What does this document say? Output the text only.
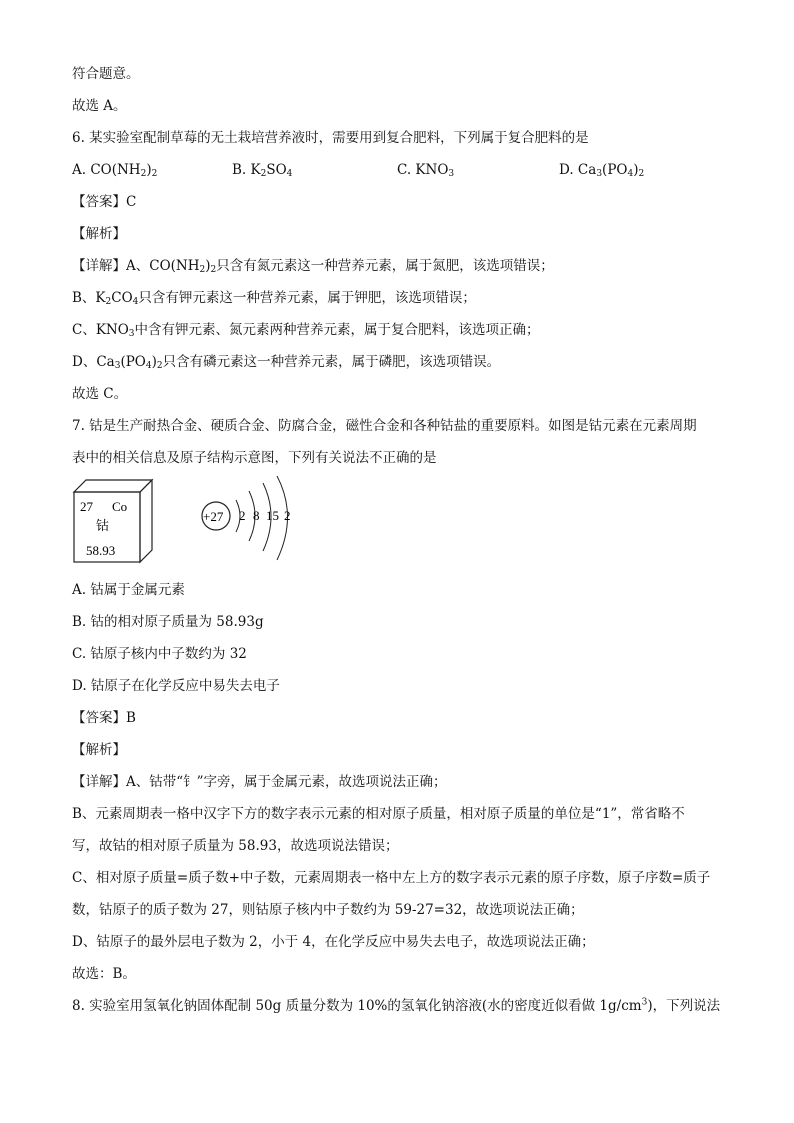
符合题意。
故选 A。
6. 某实验室配制草莓的无土栽培营养液时，需要用到复合肥料，下列属于复合肥料的是
A. $CO(NH_2)_2$	B. $K_2SO_4$	C. $KNO_3$	D. $Ca_3(PO_4)_2$
【答案】C
【解析】
【详解】A、$CO(NH_2)_2$只含有氮元素这一种营养元素，属于氮肥，该选项错误；
B、$K_2CO_4$只含有钾元素这一种营养元素，属于钾肥，该选项错误；
C、$KNO_3$中含有钾元素、氮元素两种营养元素，属于复合肥料，该选项正确；
D、$Ca_3(PO_4)_2$只含有磷元素这一种营养元素，属于磷肥，该选项错误。
故选 C。
7. 钴是生产耐热合金、硬质合金、防腐合金，磁性合金和各种钴盐的重要原料。如图是钴元素在元素周期
表中的相关信息及原子结构示意图，下列有关说法不正确的是
27 Co
钴
58.93
+27 2 8 15 2
A. 钴属于金属元素
B. 钴的相对原子质量为 58.93g
C. 钴原子核内中子数约为 32
D. 钴原子在化学反应中易失去电子
【答案】B
【解析】
【详解】A、钴带“钅”字旁，属于金属元素，故选项说法正确；
B、元素周期表一格中汉字下方的数字表示元素的相对原子质量，相对原子质量的单位是“1”，常省略不
写，故钴的相对原子质量为 58.93，故选项说法错误；
C、相对原子质量=质子数+中子数，元素周期表一格中左上方的数字表示元素的原子序数，原子序数=质子
数，钴原子的质子数为 27，则钴原子核内中子数约为 59-27=32，故选项说法正确；
D、钴原子的最外层电子数为 2，小于 4，在化学反应中易失去电子，故选项说法正确；
故选：B。
8. 实验室用氢氧化钠固体配制 50g 质量分数为 10%的氢氧化钠溶液(水的密度近似看做 $1g/cm^3$)，下列说法
